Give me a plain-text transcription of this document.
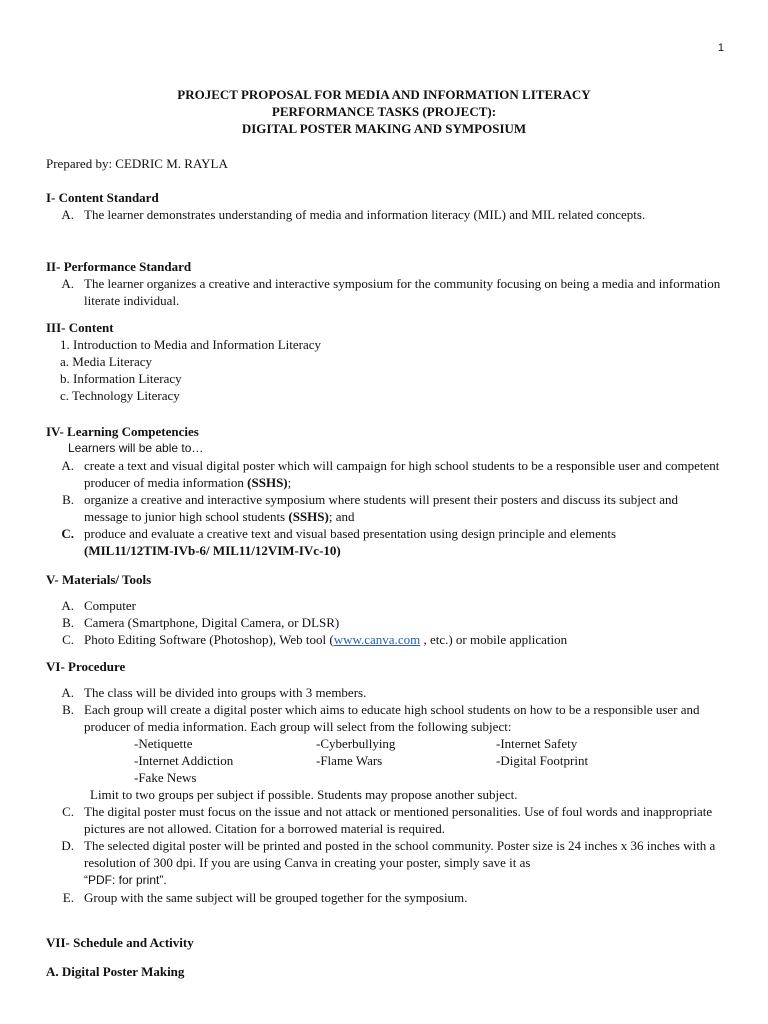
1
PROJECT PROPOSAL FOR MEDIA AND INFORMATION LITERACY
PERFORMANCE TASKS (PROJECT):
DIGITAL POSTER MAKING AND SYMPOSIUM
Prepared by: CEDRIC M. RAYLA
I- Content Standard
A. The learner demonstrates understanding of media and information literacy (MIL) and MIL related concepts.
II- Performance Standard
A. The learner organizes a creative and interactive symposium for the community focusing on being a media and information literate individual.
III- Content
1. Introduction to Media and Information Literacy
a. Media Literacy
b. Information Literacy
c. Technology Literacy
IV- Learning Competencies
Learners will be able to…
A. create a text and visual digital poster which will campaign for high school students to be a responsible user and competent producer of media information (SSHS);
B. organize a creative and interactive symposium where students will present their posters and discuss its subject and message to junior high school students (SSHS); and
C. produce and evaluate a creative text and visual based presentation using design principle and elements
(MIL11/12TIM-IVb-6/ MIL11/12VIM-IVc-10)
V- Materials/ Tools
A. Computer
B. Camera (Smartphone, Digital Camera, or DLSR)
C. Photo Editing Software (Photoshop), Web tool (www.canva.com , etc.) or mobile application
VI- Procedure
A. The class will be divided into groups with 3 members.
B. Each group will create a digital poster which aims to educate high school students on how to be a responsible user and producer of media information. Each group will select from the following subject:
-Netiquette	-Cyberbullying	-Internet Safety
-Internet Addiction	-Flame Wars	-Digital Footprint
-Fake News
Limit to two groups per subject if possible. Students may propose another subject.
C. The digital poster must focus on the issue and not attack or mentioned personalities. Use of foul words and inappropriate pictures are not allowed. Citation for a borrowed material is required.
D. The selected digital poster will be printed and posted in the school community. Poster size is 24 inches x 36 inches with a resolution of 300 dpi. If you are using Canva in creating your poster, simply save it as
“PDF: for print”.
E. Group with the same subject will be grouped together for the symposium.
VII- Schedule and Activity
A. Digital Poster Making
